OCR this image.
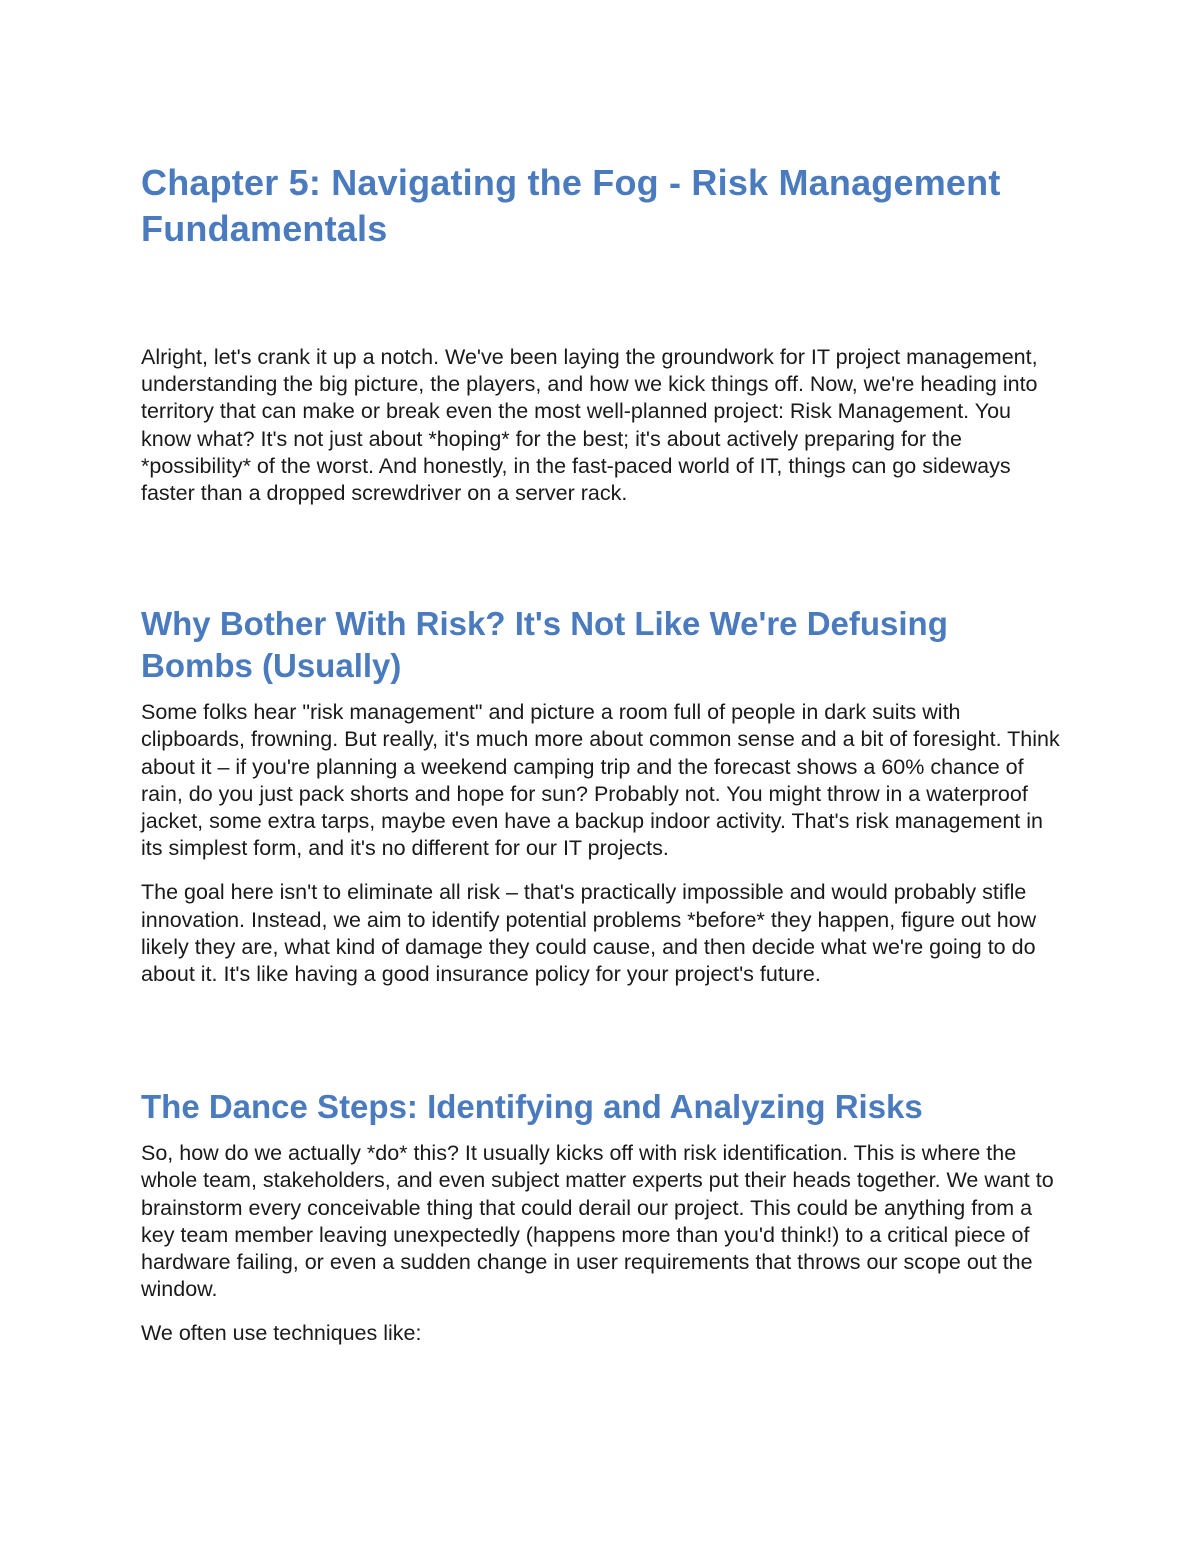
Chapter 5: Navigating the Fog - Risk Management Fundamentals

Alright, let's crank it up a notch. We've been laying the groundwork for IT project management, understanding the big picture, the players, and how we kick things off. Now, we're heading into territory that can make or break even the most well-planned project: Risk Management. You know what? It's not just about *hoping* for the best; it's about actively preparing for the *possibility* of the worst. And honestly, in the fast-paced world of IT, things can go sideways faster than a dropped screwdriver on a server rack.

Why Bother With Risk? It's Not Like We're Defusing Bombs (Usually)

Some folks hear "risk management" and picture a room full of people in dark suits with clipboards, frowning. But really, it's much more about common sense and a bit of foresight. Think about it – if you're planning a weekend camping trip and the forecast shows a 60% chance of rain, do you just pack shorts and hope for sun? Probably not. You might throw in a waterproof jacket, some extra tarps, maybe even have a backup indoor activity. That's risk management in its simplest form, and it's no different for our IT projects.

The goal here isn't to eliminate all risk – that's practically impossible and would probably stifle innovation. Instead, we aim to identify potential problems *before* they happen, figure out how likely they are, what kind of damage they could cause, and then decide what we're going to do about it. It's like having a good insurance policy for your project's future.

The Dance Steps: Identifying and Analyzing Risks

So, how do we actually *do* this? It usually kicks off with risk identification. This is where the whole team, stakeholders, and even subject matter experts put their heads together. We want to brainstorm every conceivable thing that could derail our project. This could be anything from a key team member leaving unexpectedly (happens more than you'd think!) to a critical piece of hardware failing, or even a sudden change in user requirements that throws our scope out the window.

We often use techniques like:
